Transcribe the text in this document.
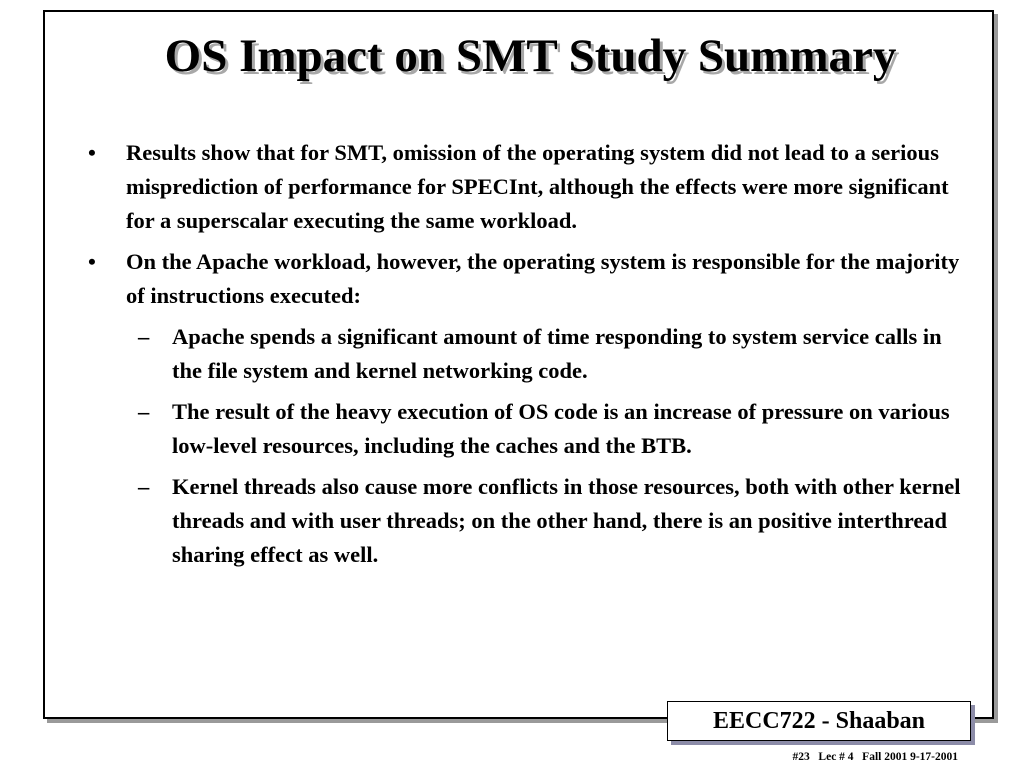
OS Impact on SMT Study Summary
• Results show that for SMT, omission of the operating system did not lead to a serious misprediction of performance for SPECInt, although the effects were more significant for a superscalar executing the same workload.
• On the Apache workload, however, the operating system is responsible for the majority of instructions executed:
– Apache spends a significant amount of time responding to system service calls in the file system and kernel networking code.
– The result of the heavy execution of OS code is an increase of pressure on various low-level resources, including the caches and the BTB.
– Kernel threads also cause more conflicts in those resources, both with other kernel threads and with user threads; on the other hand, there is an positive interthread sharing effect as well.
EECC722 - Shaaban
#23   Lec # 4   Fall 2001 9-17-2001
